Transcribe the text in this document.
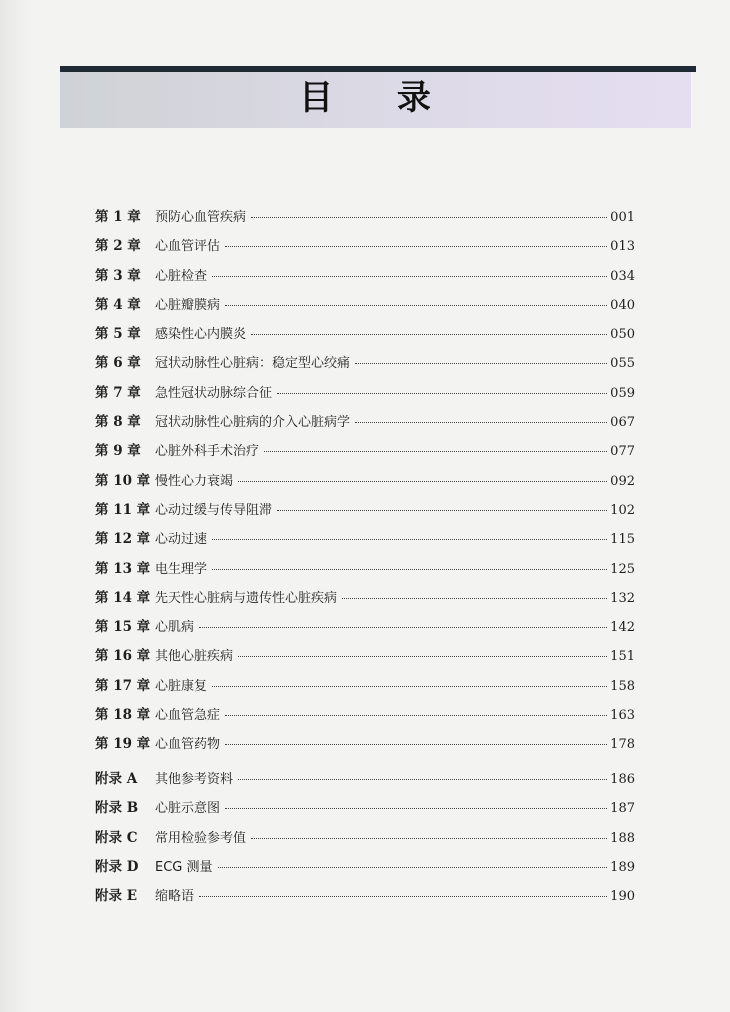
目 录
第 1 章	预防心血管疾病	001
第 2 章	心血管评估	013
第 3 章	心脏检查	034
第 4 章	心脏瓣膜病	040
第 5 章	感染性心内膜炎	050
第 6 章	冠状动脉性心脏病：稳定型心绞痛	055
第 7 章	急性冠状动脉综合征	059
第 8 章	冠状动脉性心脏病的介入心脏病学	067
第 9 章	心脏外科手术治疗	077
第 10 章 慢性心力衰竭	092
第 11 章 心动过缓与传导阻滞	102
第 12 章 心动过速	115
第 13 章 电生理学	125
第 14 章 先天性心脏病与遗传性心脏疾病	132
第 15 章 心肌病	142
第 16 章 其他心脏疾病	151
第 17 章 心脏康复	158
第 18 章 心血管急症	163
第 19 章 心血管药物	178
附录 A	其他参考资料	186
附录 B	心脏示意图	187
附录 C	常用检验参考值	188
附录 D	ECG 测量	189
附录 E	缩略语	190
